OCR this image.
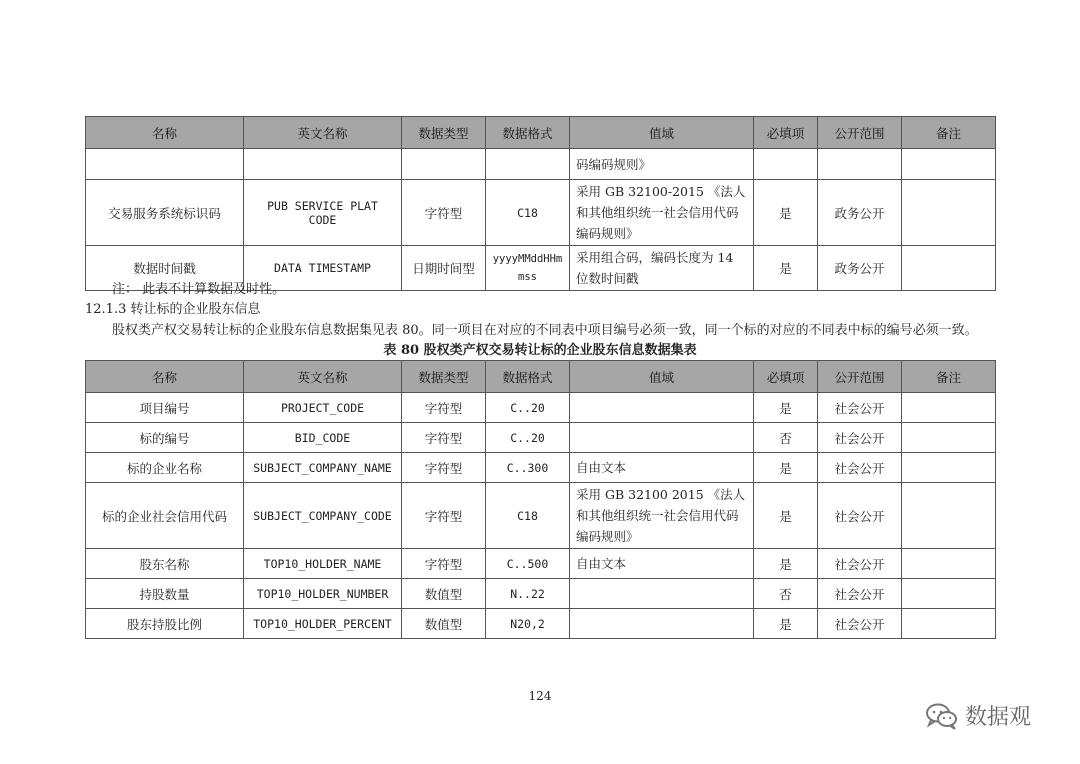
名称	英文名称	数据类型	数据格式	值域	必填项	公开范围	备注
				码编码规则》			
交易服务系统标识码	PUB SERVICE PLAT CODE	字符型	C18	采用 GB 32100-2015 《法人和其他组织统一社会信用代码编码规则》	是	政务公开	
数据时间戳	DATA TIMESTAMP	日期时间型	yyyyMMddHHmmss	采用组合码，编码长度为 14 位数时间戳	是	政务公开	
注： 此表不计算数据及时性。
12.1.3 转让标的企业股东信息
股权类产权交易转让标的企业股东信息数据集见表 80。同一项目在对应的不同表中项目编号必须一致，同一个标的对应的不同表中标的编号必须一致。
表 80 股权类产权交易转让标的企业股东信息数据集表
名称	英文名称	数据类型	数据格式	值域	必填项	公开范围	备注
项目编号	PROJECT_CODE	字符型	C..20		是	社会公开	
标的编号	BID_CODE	字符型	C..20		否	社会公开	
标的企业名称	SUBJECT_COMPANY_NAME	字符型	C..300	自由文本	是	社会公开	
标的企业社会信用代码	SUBJECT_COMPANY_CODE	字符型	C18	采用 GB 32100 2015 《法人和其他组织统一社会信用代码编码规则》	是	社会公开	
股东名称	TOP10_HOLDER_NAME	字符型	C..500	自由文本	是	社会公开	
持股数量	TOP10_HOLDER_NUMBER	数值型	N..22		否	社会公开	
股东持股比例	TOP10_HOLDER_PERCENT	数值型	N20,2		是	社会公开	
124
数据观
